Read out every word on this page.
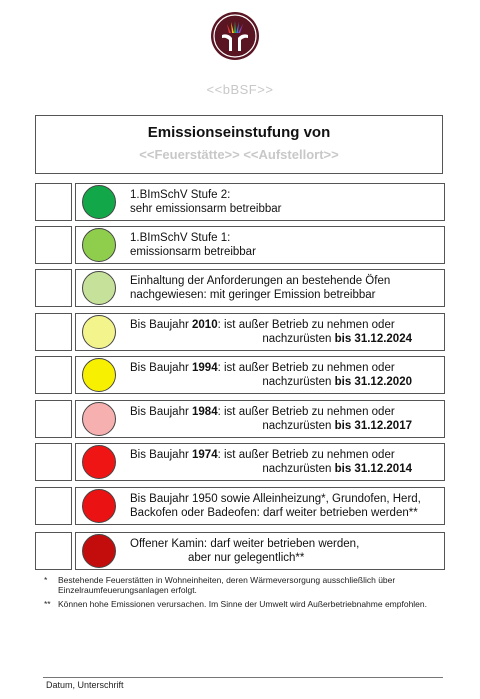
<<bBSF>>
Emissionseinstufung von
<<Feuerstätte>> <<Aufstellort>>
1.BImSchV Stufe 2:
sehr emissionsarm betreibbar
1.BImSchV Stufe 1:
emissionsarm betreibbar
Einhaltung der Anforderungen an bestehende Öfen
nachgewiesen: mit geringer Emission betreibbar
Bis Baujahr 2010: ist außer Betrieb zu nehmen oder
nachzurüsten bis 31.12.2024
Bis Baujahr 1994: ist außer Betrieb zu nehmen oder
nachzurüsten bis 31.12.2020
Bis Baujahr 1984: ist außer Betrieb zu nehmen oder
nachzurüsten bis 31.12.2017
Bis Baujahr 1974: ist außer Betrieb zu nehmen oder
nachzurüsten bis 31.12.2014
Bis Baujahr 1950 sowie Alleinheizung*, Grundofen, Herd,
Backofen oder Badeofen: darf weiter betrieben werden**
Offener Kamin: darf weiter betrieben werden,
aber nur gelegentlich**
* Bestehende Feuerstätten in Wohneinheiten, deren Wärmeversorgung ausschließlich über Einzelraumfeuerungsanlagen erfolgt.
** Können hohe Emissionen verursachen. Im Sinne der Umwelt wird Außerbetriebnahme empfohlen.
Datum, Unterschrift
